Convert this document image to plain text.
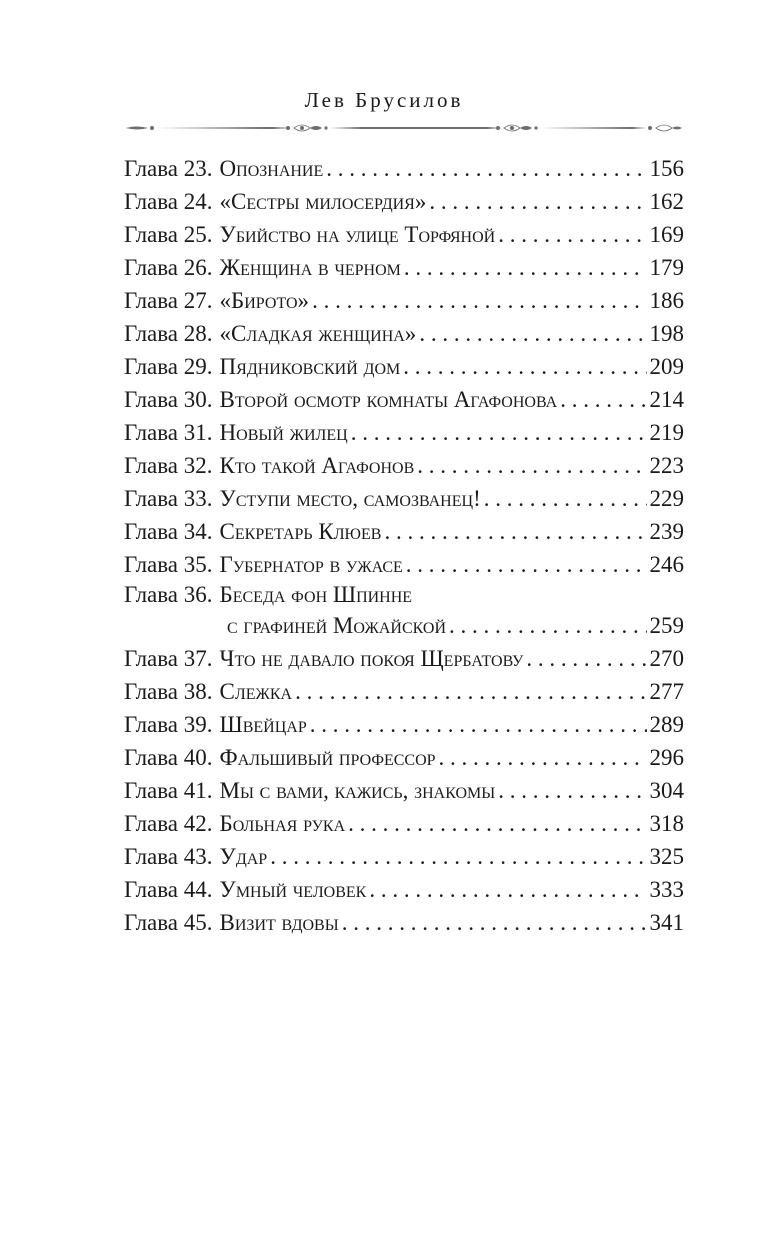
Лев Брусилов
Глава 23. Опознание . . .	156
Глава 24. «Сестры милосердия» . . .	162
Глава 25. Убийство на улице Торфяной . . .	169
Глава 26. Женщина в черном . . .	179
Глава 27. «Бирото» . . .	186
Глава 28. «Сладкая женщина» . . .	198
Глава 29. Пядниковский дом . . .	209
Глава 30. Второй осмотр комнаты Агафонова . . .	214
Глава 31. Новый жилец . . .	219
Глава 32. Кто такой Агафонов . . .	223
Глава 33. Уступи место, самозванец! . . .	229
Глава 34. Секретарь Клюев . . .	239
Глава 35. Губернатор в ужасе . . .	246
Глава 36. Беседа фон Шпинне
с графиней Можайской . . .	259
Глава 37. Что не давало покоя Щербатову . . .	270
Глава 38. Слежка . . .	277
Глава 39. Швейцар . . .	289
Глава 40. Фальшивый профессор . . .	296
Глава 41. Мы с вами, кажись, знакомы . . .	304
Глава 42. Больная рука . . .	318
Глава 43. Удар . . .	325
Глава 44. Умный человек . . .	333
Глава 45. Визит вдовы . . .	341
